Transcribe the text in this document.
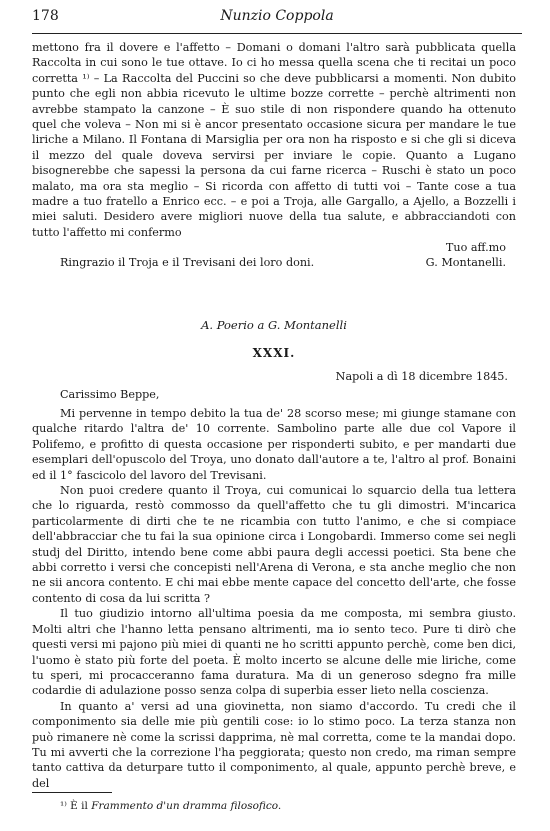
178	Nunzio Coppola

mettono fra il dovere e l'affetto – Domani o domani l'altro sarà pubblicata quella Raccolta in cui sono le tue ottave. Io ci ho messa quella scena che ti recitai un poco corretta ¹⁾ – La Raccolta del Puccini so che deve pubblicarsi a momenti. Non dubito punto che egli non abbia ricevuto le ultime bozze corrette – perchè altrimenti non avrebbe stampato la canzone – È suo stile di non rispondere quando ha ottenuto quel che voleva – Non mi si è ancor presentato occasione sicura per mandare le tue liriche a Milano. Il Fontana di Marsiglia per ora non ha risposto e si che gli si diceva il mezzo del quale doveva servirsi per inviare le copie. Quanto a Lugano bisognerebbe che sapessi la persona da cui farne ricerca – Ruschi è stato un poco malato, ma ora sta meglio – Si ricorda con affetto di tutti voi – Tante cose a tua madre a tuo fratello a Enrico ecc. – e poi a Troja, alle Gargallo, a Ajello, a Bozzelli i miei saluti. Desidero avere migliori nuove della tua salute, e abbracciandoti con tutto l'affetto mi confermo

Tuo aff.mo
Ringrazio il Troja e il Trevisani dei loro doni.	G. Montanelli.
A. Poerio a G. Montanelli
XXXI.
Napoli a dì 18 dicembre 1845.
Carissimo Beppe,

Mi pervenne in tempo debito la tua de' 28 scorso mese; mi giunge stamane con qualche ritardo l'altra de' 10 corrente. Sambolino parte alle due col Vapore il Polifemo, e profitto di questa occasione per risponderti subito, e per mandarti due esemplari dell'opuscolo del Troya, uno donato dall'autore a te, l'altro al prof. Bonaini ed il 1° fascicolo del lavoro del Trevisani.

Non puoi credere quanto il Troya, cui comunicai lo squarcio della tua lettera che lo riguarda, restò commosso da quell'affetto che tu gli dimostri. M'incarica particolarmente di dirti che te ne ricambia con tutto l'animo, e che si compiace dell'abbracciar che tu fai la sua opinione circa i Longobardi. Immerso come sei negli studj del Diritto, intendo bene come abbi paura degli accessi poetici. Sta bene che abbi corretto i versi che concepisti nell'Arena di Verona, e sta anche meglio che non ne sii ancora contento. E chi mai ebbe mente capace del concetto dell'arte, che fosse contento di cosa da lui scritta ?

Il tuo giudizio intorno all'ultima poesia da me composta, mi sembra giusto. Molti altri che l'hanno letta pensano altrimenti, ma io sento teco. Pure ti dirò che questi versi mi pajono più miei di quanti ne ho scritti appunto perchè, come ben dici, l'uomo è stato più forte del poeta. È molto incerto se alcune delle mie liriche, come tu speri, mi procacceranno fama duratura. Ma di un generoso sdegno fra mille codardie di adulazione posso senza colpa di superbia esser lieto nella coscienza.

In quanto a' versi ad una giovinetta, non siamo d'accordo. Tu credi che il componimento sia delle mie più gentili cose: io lo stimo poco. La terza stanza non può rimanere nè come la scrissi dapprima, nè mal corretta, come te la mandai dopo. Tu mi avverti che la correzione l'ha peggiorata; questo non credo, ma riman sempre tanto cattiva da deturpare tutto il componimento, al quale, appunto perchè breve, e del

¹⁾ È il Frammento d'un dramma filosofico.
